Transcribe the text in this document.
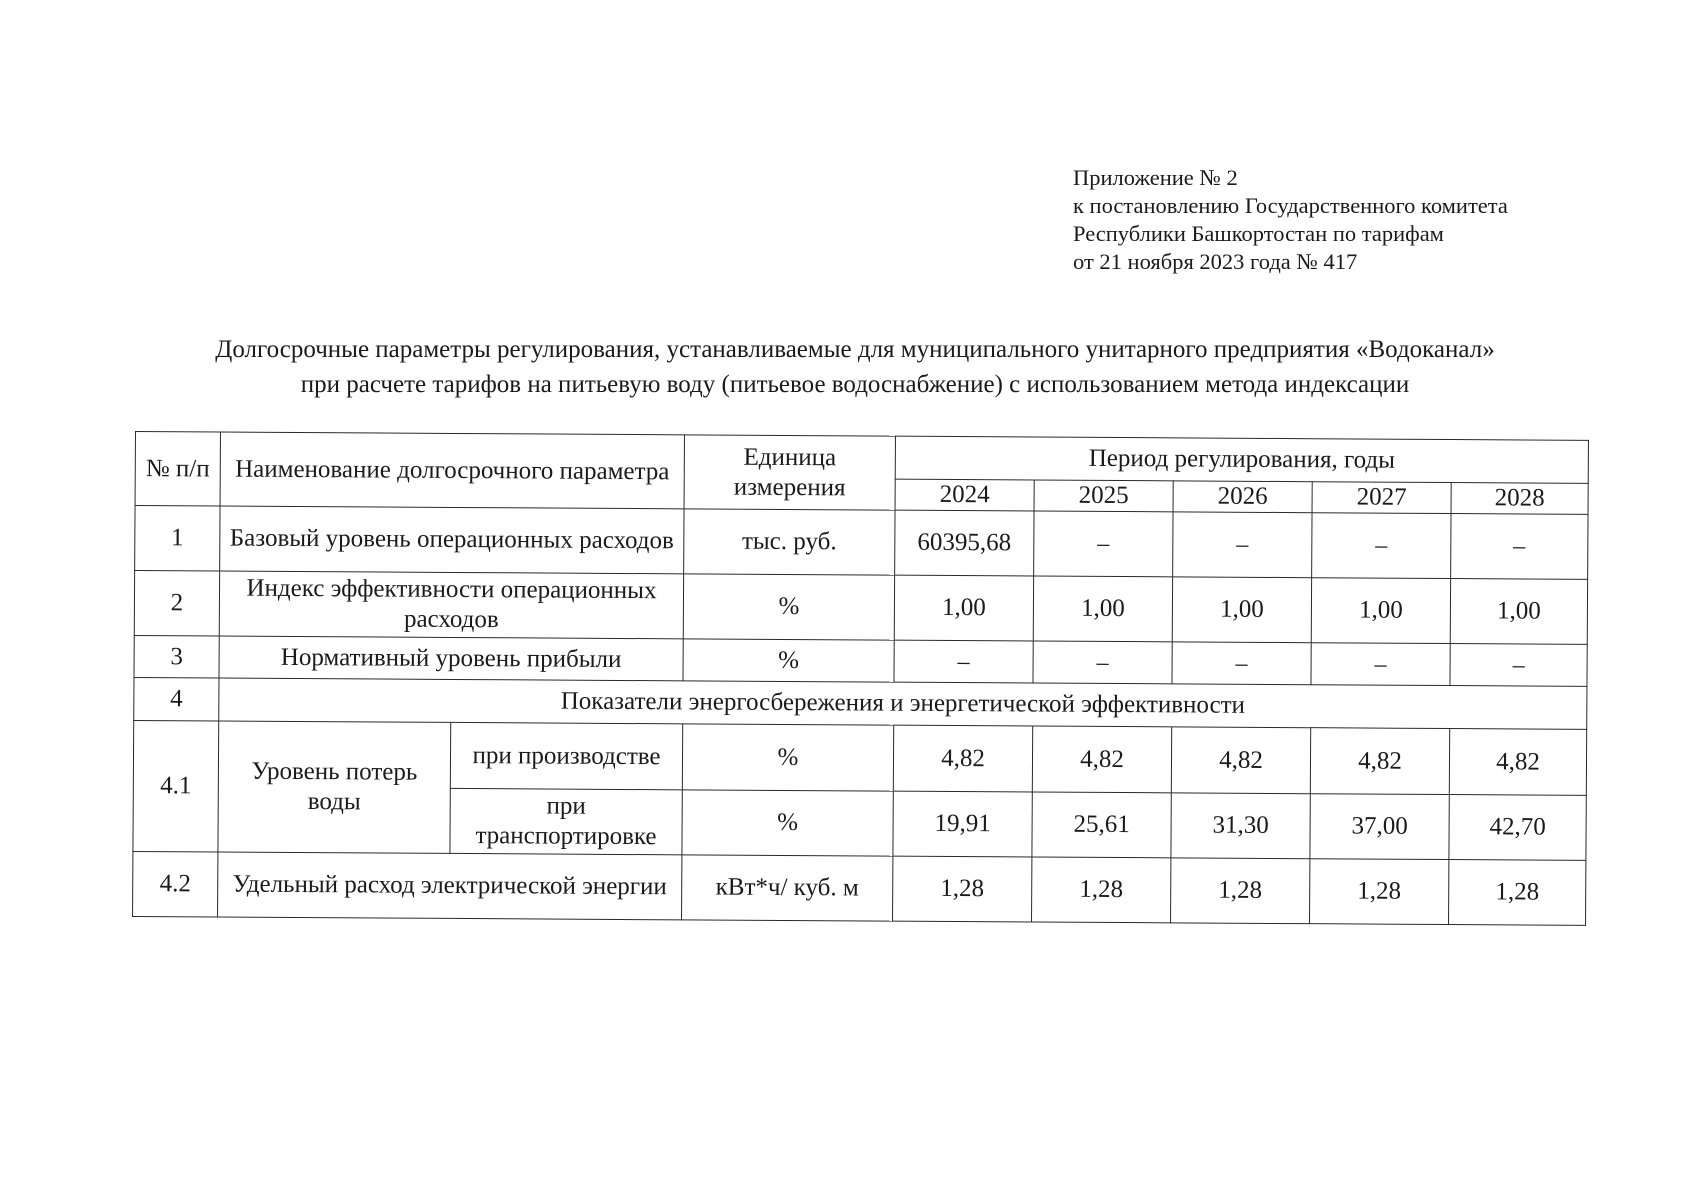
Приложение № 2
к постановлению Государственного комитета
Республики Башкортостан по тарифам
от 21 ноября 2023 года № 417
Долгосрочные параметры регулирования, устанавливаемые для муниципального унитарного предприятия «Водоканал»
при расчете тарифов на питьевую воду (питьевое водоснабжение) с использованием метода индексации
№ п/п	Наименование долгосрочного параметра		Единица измерения	Период регулирования, годы				
				2024	2025	2026	2027	2028
1	Базовый уровень операционных расходов		тыс. руб.	60395,68	–	–	–	–
2	Индекс эффективности операционных расходов		%	1,00	1,00	1,00	1,00	1,00
3	Нормативный уровень прибыли		%	–	–	–	–	–
4	Показатели энергосбережения и энергетической эффективности							
4.1	Уровень потерь воды	при производстве	%	4,82	4,82	4,82	4,82	4,82
		при транспортировке	%	19,91	25,61	31,30	37,00	42,70
4.2	Удельный расход электрической энергии		кВт*ч/ куб. м	1,28	1,28	1,28	1,28	1,28
